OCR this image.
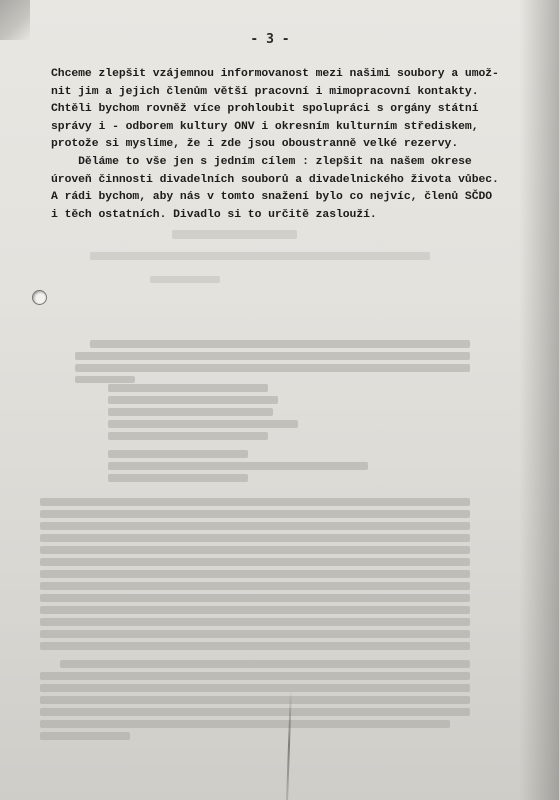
- 3 -
Chceme zlepšit vzájemnou informovanost mezi našimi soubory a umož-
nit jim a jejich členům větší pracovní i mimopracovní kontakty.
Chtěli bychom rovněž více prohloubit spolupráci s orgány státní
správy i - odborem kultury ONV i okresním kulturním střediskem,
protože si myslíme, že i zde jsou oboustranně velké rezervy.
Děláme to vše jen s jedním cílem : zlepšit na našem okrese
úroveň činnosti divadelních souborů a divadelnického života vůbec.
A rádi bychom, aby nás v tomto snažení bylo co nejvíc, členů SČDO
i těch ostatních. Divadlo si to určitě zaslouží.
